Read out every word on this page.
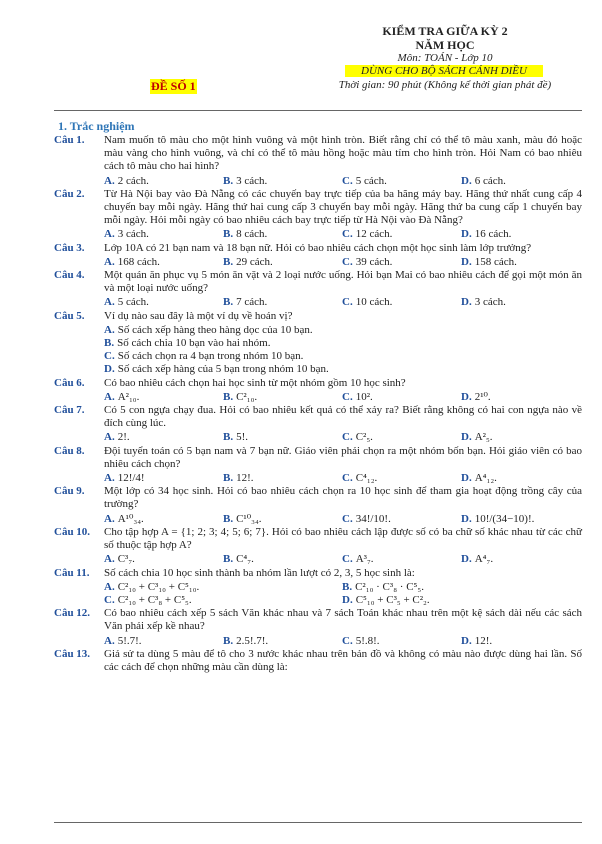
KIỂM TRA GIỮA KỲ 2
NĂM HỌC
Môn: TOÁN - Lớp 10
DÙNG CHO BỘ SÁCH CÁNH DIỀU
ĐỀ SỐ 1	Thời gian: 90 phút (Không kể thời gian phát đề)
1. Trắc nghiệm
Câu 1.	Nam muốn tô màu cho một hình vuông và một hình tròn. Biết rằng chỉ có thể tô màu xanh, màu đỏ hoặc màu vàng cho hình vuông, và chỉ có thể tô màu hồng hoặc màu tím cho hình tròn. Hỏi Nam có bao nhiêu cách tô màu cho hai hình?
A. 2 cách.	B. 3 cách.	C. 5 cách.	D. 6 cách.
Câu 2.	Từ Hà Nội bay vào Đà Nẵng có các chuyến bay trực tiếp của ba hãng máy bay. Hãng thứ nhất cung cấp 4 chuyến bay mỗi ngày. Hãng thứ hai cung cấp 3 chuyến bay mỗi ngày. Hãng thứ ba cung cấp 1 chuyến bay mỗi ngày. Hỏi mỗi ngày có bao nhiêu cách bay trực tiếp từ Hà Nội vào Đà Nẵng?
A. 3 cách.	B. 8 cách.	C. 12 cách.	D. 16 cách.
Câu 3.	Lớp 10A có 21 bạn nam và 18 bạn nữ. Hỏi có bao nhiêu cách chọn một học sinh làm lớp trưởng?
A. 168 cách.	B. 29 cách.	C. 39 cách.	D. 158 cách.
Câu 4.	Một quán ăn phục vụ 5 món ăn vặt và 2 loại nước uống. Hỏi bạn Mai có bao nhiêu cách để gọi một món ăn và một loại nước uống?
A. 5 cách.	B. 7 cách.	C. 10 cách.	D. 3 cách.
Câu 5.	Ví dụ nào sau đây là một ví dụ về hoán vị?
A. Số cách xếp hàng theo hàng dọc của 10 bạn.
B. Số cách chia 10 bạn vào hai nhóm.
C. Số cách chọn ra 4 bạn trong nhóm 10 bạn.
D. Số cách xếp hàng của 5 bạn trong nhóm 10 bạn.
Câu 6.	Có bao nhiêu cách chọn hai học sinh từ một nhóm gồm 10 học sinh?
A. A²₁₀.	B. C²₁₀.	C. 10².	D. 2¹⁰.
Câu 7.	Có 5 con ngựa chạy đua. Hỏi có bao nhiêu kết quả có thể xảy ra? Biết rằng không có hai con ngựa nào về đích cùng lúc.
A. 2!.	B. 5!.	C. C²₅.	D. A²₅.
Câu 8.	Đội tuyển toán có 5 bạn nam và 7 bạn nữ. Giáo viên phải chọn ra một nhóm bốn bạn. Hỏi giáo viên có bao nhiêu cách chọn?
A. 12!/4!	B. 12!.	C. C⁴₁₂.	D. A⁴₁₂.
Câu 9.	Một lớp có 34 học sinh. Hỏi có bao nhiêu cách chọn ra 10 học sinh để tham gia hoạt động trồng cây của trường?
A. A¹⁰₃₄.	B. C¹⁰₃₄.	C. 34!/10!.	D. 10!/(34−10)!.
Câu 10.	Cho tập hợp A = {1; 2; 3; 4; 5; 6; 7}. Hỏi có bao nhiêu cách lập được số có ba chữ số khác nhau từ các chữ số thuộc tập hợp A?
A. C³₇.	B. C⁴₇.	C. A³₇.	D. A⁴₇.
Câu 11.	Số cách chia 10 học sinh thành ba nhóm lần lượt có 2, 3, 5 học sinh là:
A. C²₁₀ + C³₁₀ + C⁵₁₀.	B. C²₁₀ · C³₈ · C⁵₅.
C. C²₁₀ + C³₈ + C⁵₅.	D. C⁵₁₀ + C³₅ + C²₂.
Câu 12.	Có bao nhiêu cách xếp 5 sách Văn khác nhau và 7 sách Toán khác nhau trên một kệ sách dài nếu các sách Văn phải xếp kề nhau?
A. 5!.7!.	B. 2.5!.7!.	C. 5!.8!.	D. 12!.
Câu 13.	Giả sử ta dùng 5 màu để tô cho 3 nước khác nhau trên bản đồ và không có màu nào được dùng hai lần. Số các cách để chọn những màu cần dùng là:
